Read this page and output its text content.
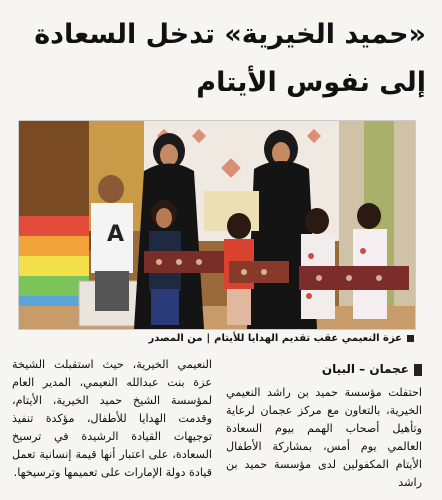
«حميد الخيرية» تدخل السعادة
إلى نفوس الأيتام
A
عزة النعيمي عقب تقديم الهدايا للأيتام|من المصدر
عجمان – البيان
احتفلت مؤسسة حميد بن راشد النعيمي الخيرية، بالتعاون مع مركز عجمان لرعاية وتأهيل أصحاب الهمم بيوم السعادة العالمي يوم أمس، بمشاركة الأطفال الأيتام المكفولين لدى مؤسسة حميد بن راشد
النعيمي الخيرية، حيث استقبلت الشيخة عزة بنت عبدالله النعيمي، المدير العام لمؤسسة الشيخ حميد الخيرية، الأيتام، وقدمت الهدايا للأطفال، مؤكدة تنفيذ توجيهات القيادة الرشيدة في ترسيخ السعادة، على اعتبار أنها قيمة إنسانية تعمل قيادة دولة الإمارات على تعميمها وترسيخها.
